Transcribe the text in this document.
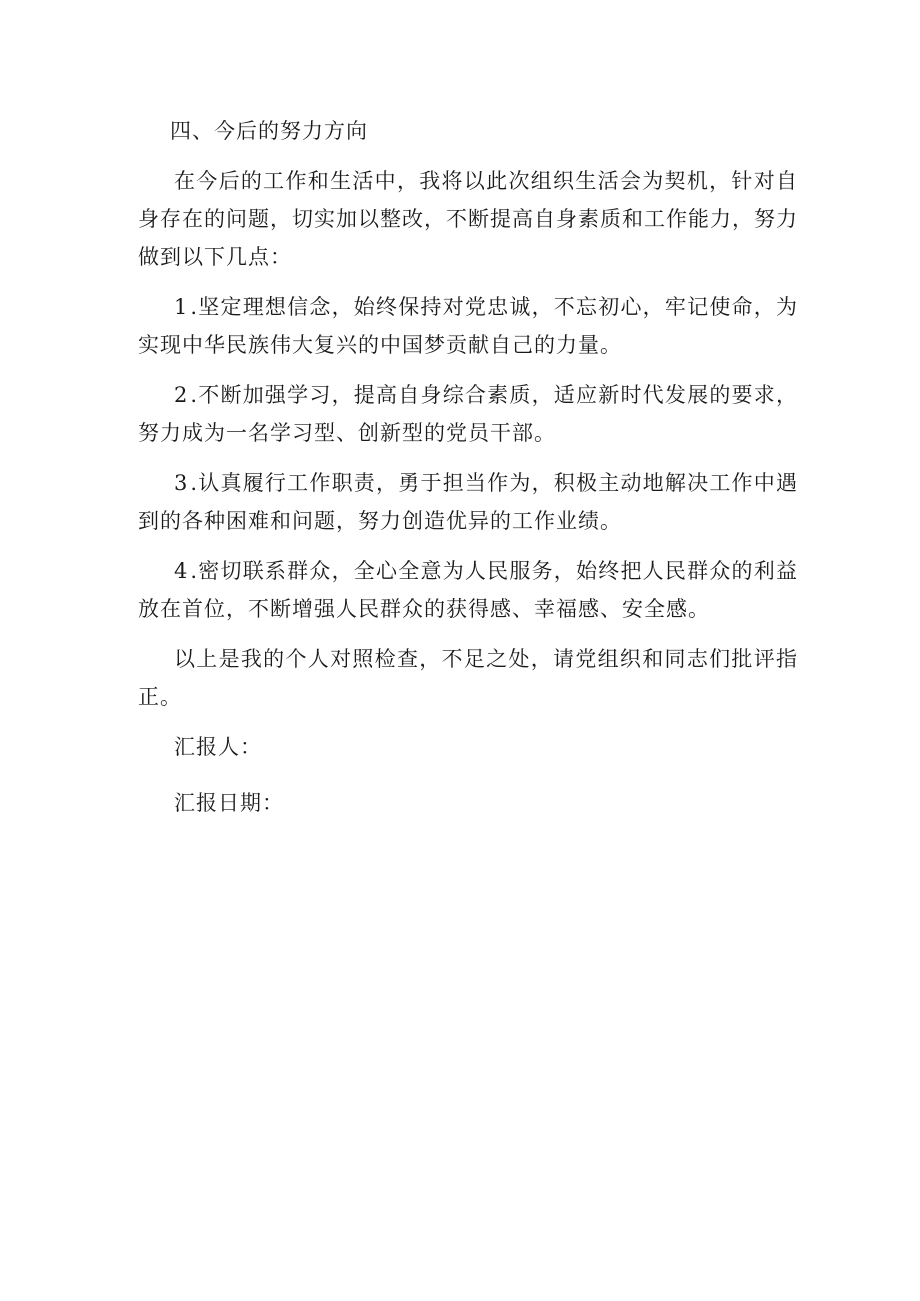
四、今后的努力方向

在今后的工作和生活中，我将以此次组织生活会为契机，针对自身存在的问题，切实加以整改，不断提高自身素质和工作能力，努力做到以下几点：

1.坚定理想信念，始终保持对党忠诚，不忘初心，牢记使命，为实现中华民族伟大复兴的中国梦贡献自己的力量。

2.不断加强学习，提高自身综合素质，适应新时代发展的要求，努力成为一名学习型、创新型的党员干部。

3.认真履行工作职责，勇于担当作为，积极主动地解决工作中遇到的各种困难和问题，努力创造优异的工作业绩。

4.密切联系群众，全心全意为人民服务，始终把人民群众的利益放在首位，不断增强人民群众的获得感、幸福感、安全感。

以上是我的个人对照检查，不足之处，请党组织和同志们批评指正。

汇报人：
汇报日期：
